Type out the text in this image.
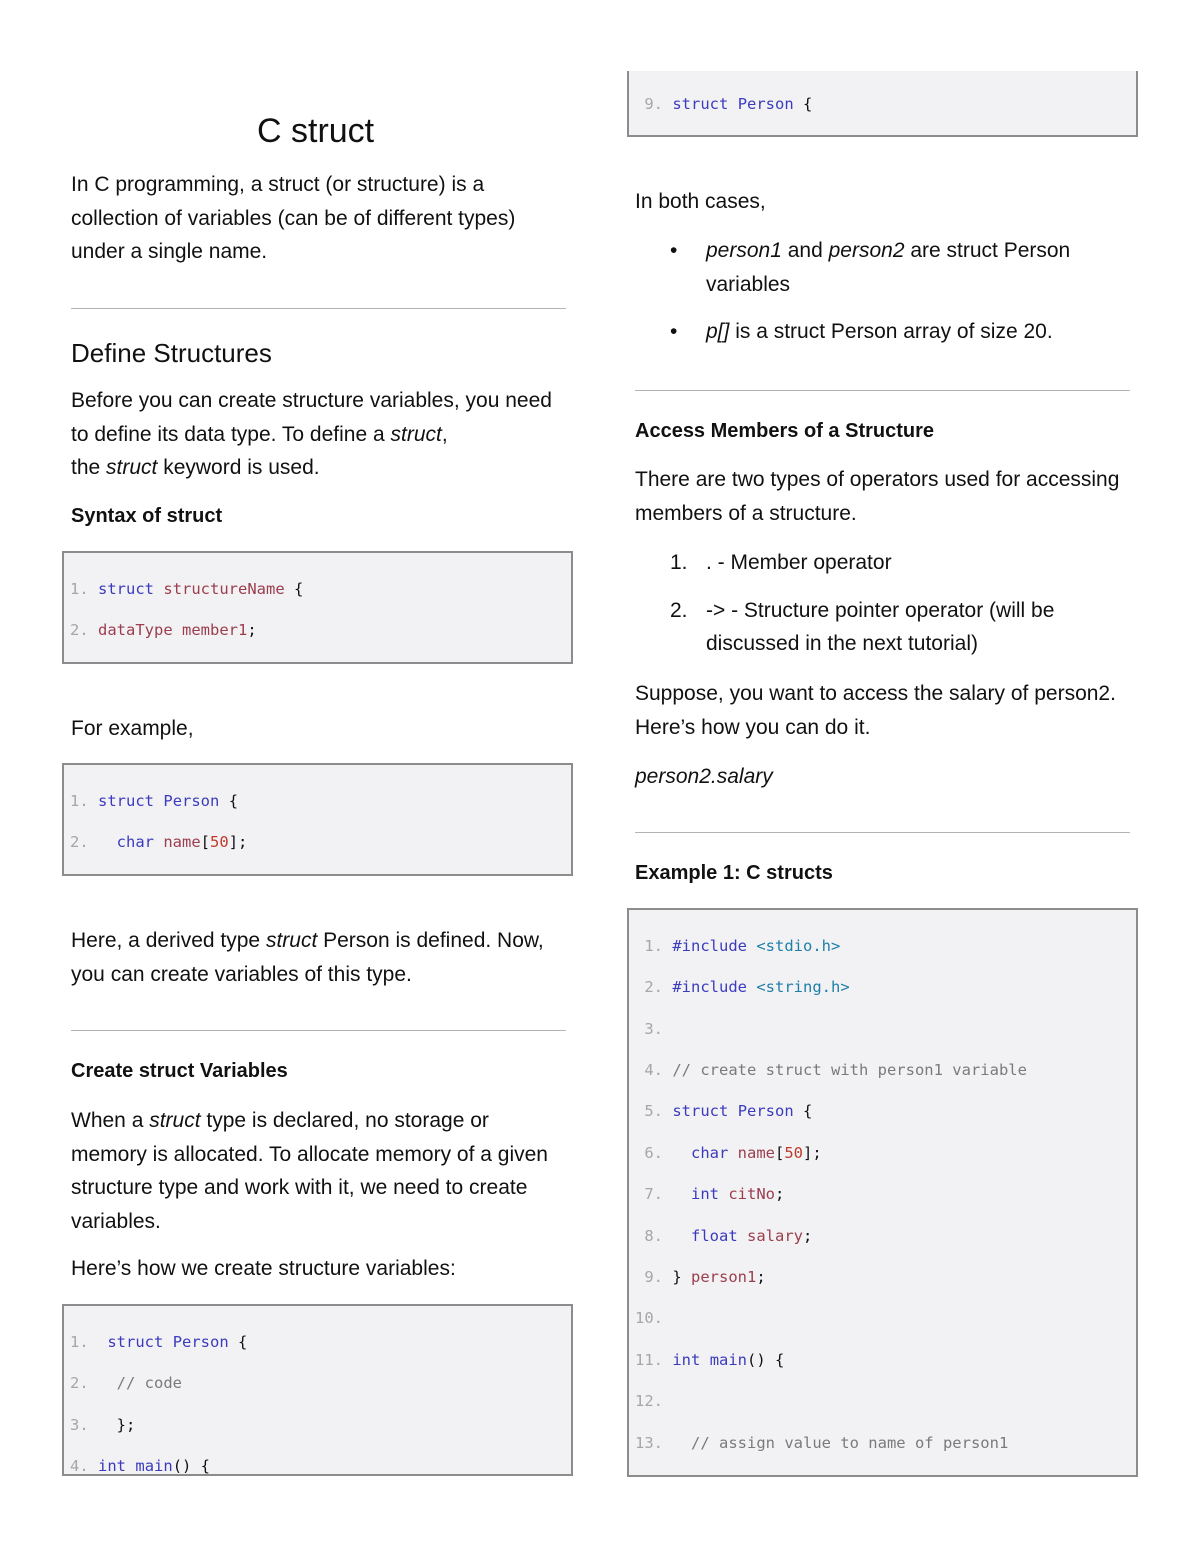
C struct
In C programming, a struct (or structure) is a collection of variables (can be of different types) under a single name.
Define Structures

Before you can create structure variables, you need to define its data type. To define a struct,

the struct keyword is used.

Syntax of struct

1. struct structureName {

2. dataType member1;

For example,

1. struct Person {

2. char name[50];

Here, a derived type struct Person is defined. Now, you can create variables of this type.
Create struct Variables
When a struct type is declared, no storage or memory is allocated. To allocate memory of a given structure type and work with it, we need to create variables.
Here’s how we create structure variables:

1. struct Person {

2. // code

3.   };

4. int main() {

9. struct Person {

In both cases,
• person1 and person2 are struct Person variables
• p[] is a struct Person array of size 20.
Access Members of a Structure
There are two types of operators used for accessing members of a structure.
1. . - Member operator
2. -> - Structure pointer operator (will be discussed in the next tutorial)
Suppose, you want to access the salary of person2. Here’s how you can do it.
person2.salary
Example 1: C structs

1. #include <stdio.h>

2. #include <string.h>

3.

4. // create struct with person1 variable

5. struct Person {

6. char name[50];

7. int citNo;

8. float salary;

9. } person1;

10.

11. int main() {

12.

13. // assign value to name of person1
